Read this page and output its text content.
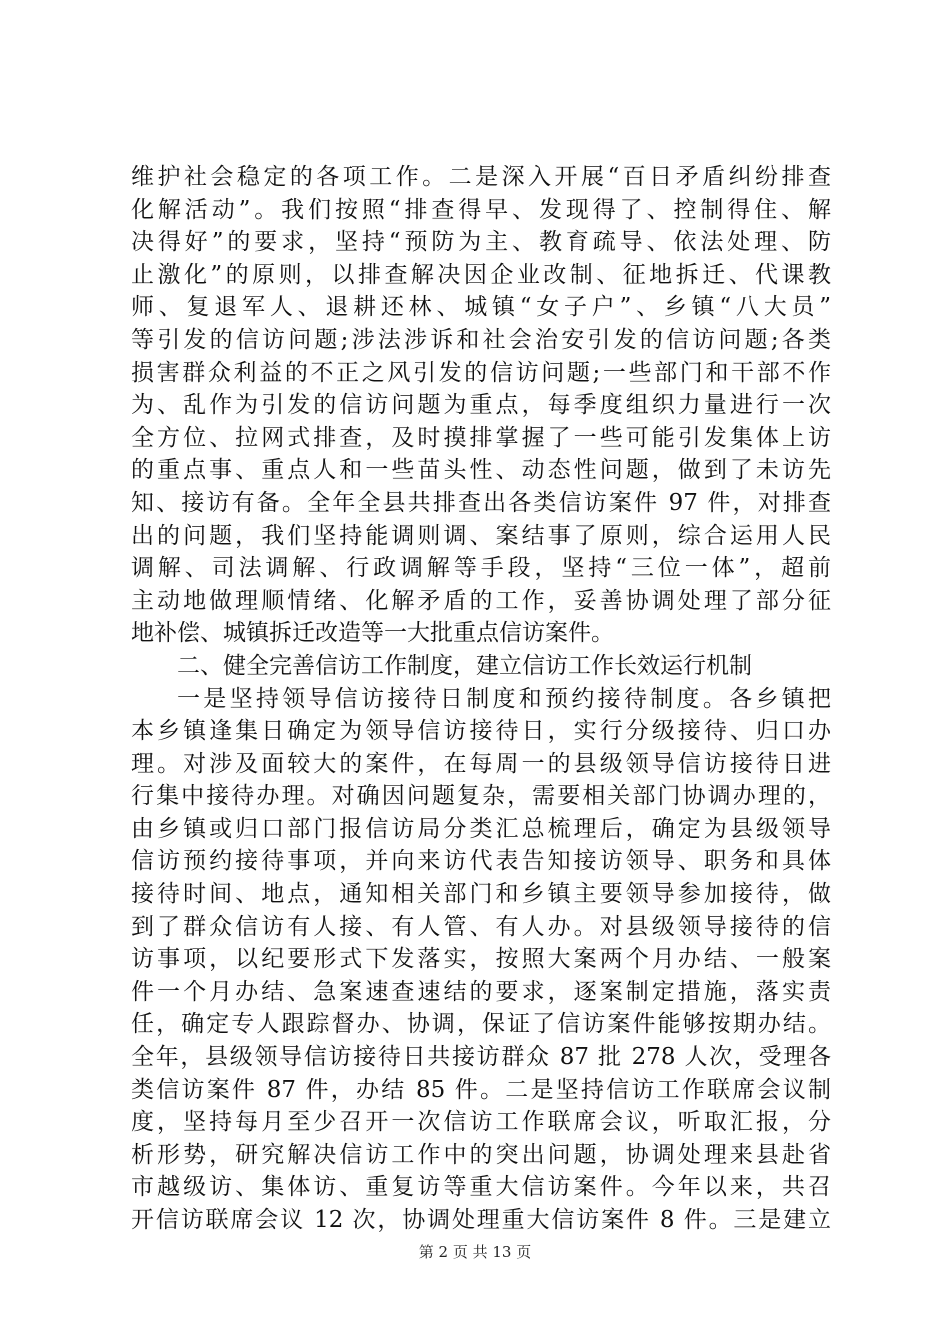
维护社会稳定的各项工作。二是深入开展“百日矛盾纠纷排查
化解活动”。我们按照“排查得早、发现得了、控制得住、解
决得好”的要求，坚持“预防为主、教育疏导、依法处理、防
止激化”的原则，以排查解决因企业改制、征地拆迁、代课教
师、复退军人、退耕还林、城镇“女子户”、乡镇“八大员”
等引发的信访问题;涉法涉诉和社会治安引发的信访问题;各类
损害群众利益的不正之风引发的信访问题;一些部门和干部不作
为、乱作为引发的信访问题为重点，每季度组织力量进行一次
全方位、拉网式排查，及时摸排掌握了一些可能引发集体上访
的重点事、重点人和一些苗头性、动态性问题，做到了未访先
知、接访有备。全年全县共排查出各类信访案件 97 件，对排查
出的问题，我们坚持能调则调、案结事了原则，综合运用人民
调解、司法调解、行政调解等手段，坚持“三位一体”，超前
主动地做理顺情绪、化解矛盾的工作，妥善协调处理了部分征
地补偿、城镇拆迁改造等一大批重点信访案件。
二、健全完善信访工作制度，建立信访工作长效运行机制
一是坚持领导信访接待日制度和预约接待制度。各乡镇把
本乡镇逢集日确定为领导信访接待日，实行分级接待、归口办
理。对涉及面较大的案件，在每周一的县级领导信访接待日进
行集中接待办理。对确因问题复杂，需要相关部门协调办理的，
由乡镇或归口部门报信访局分类汇总梳理后，确定为县级领导
信访预约接待事项，并向来访代表告知接访领导、职务和具体
接待时间、地点，通知相关部门和乡镇主要领导参加接待，做
到了群众信访有人接、有人管、有人办。对县级领导接待的信
访事项，以纪要形式下发落实，按照大案两个月办结、一般案
件一个月办结、急案速查速结的要求，逐案制定措施，落实责
任，确定专人跟踪督办、协调，保证了信访案件能够按期办结。
全年，县级领导信访接待日共接访群众 87 批 278 人次，受理各
类信访案件 87 件，办结 85 件。二是坚持信访工作联席会议制
度，坚持每月至少召开一次信访工作联席会议，听取汇报，分
析形势，研究解决信访工作中的突出问题，协调处理来县赴省
市越级访、集体访、重复访等重大信访案件。今年以来，共召
开信访联席会议 12 次，协调处理重大信访案件 8 件。三是建立
第 2 页 共 13 页
